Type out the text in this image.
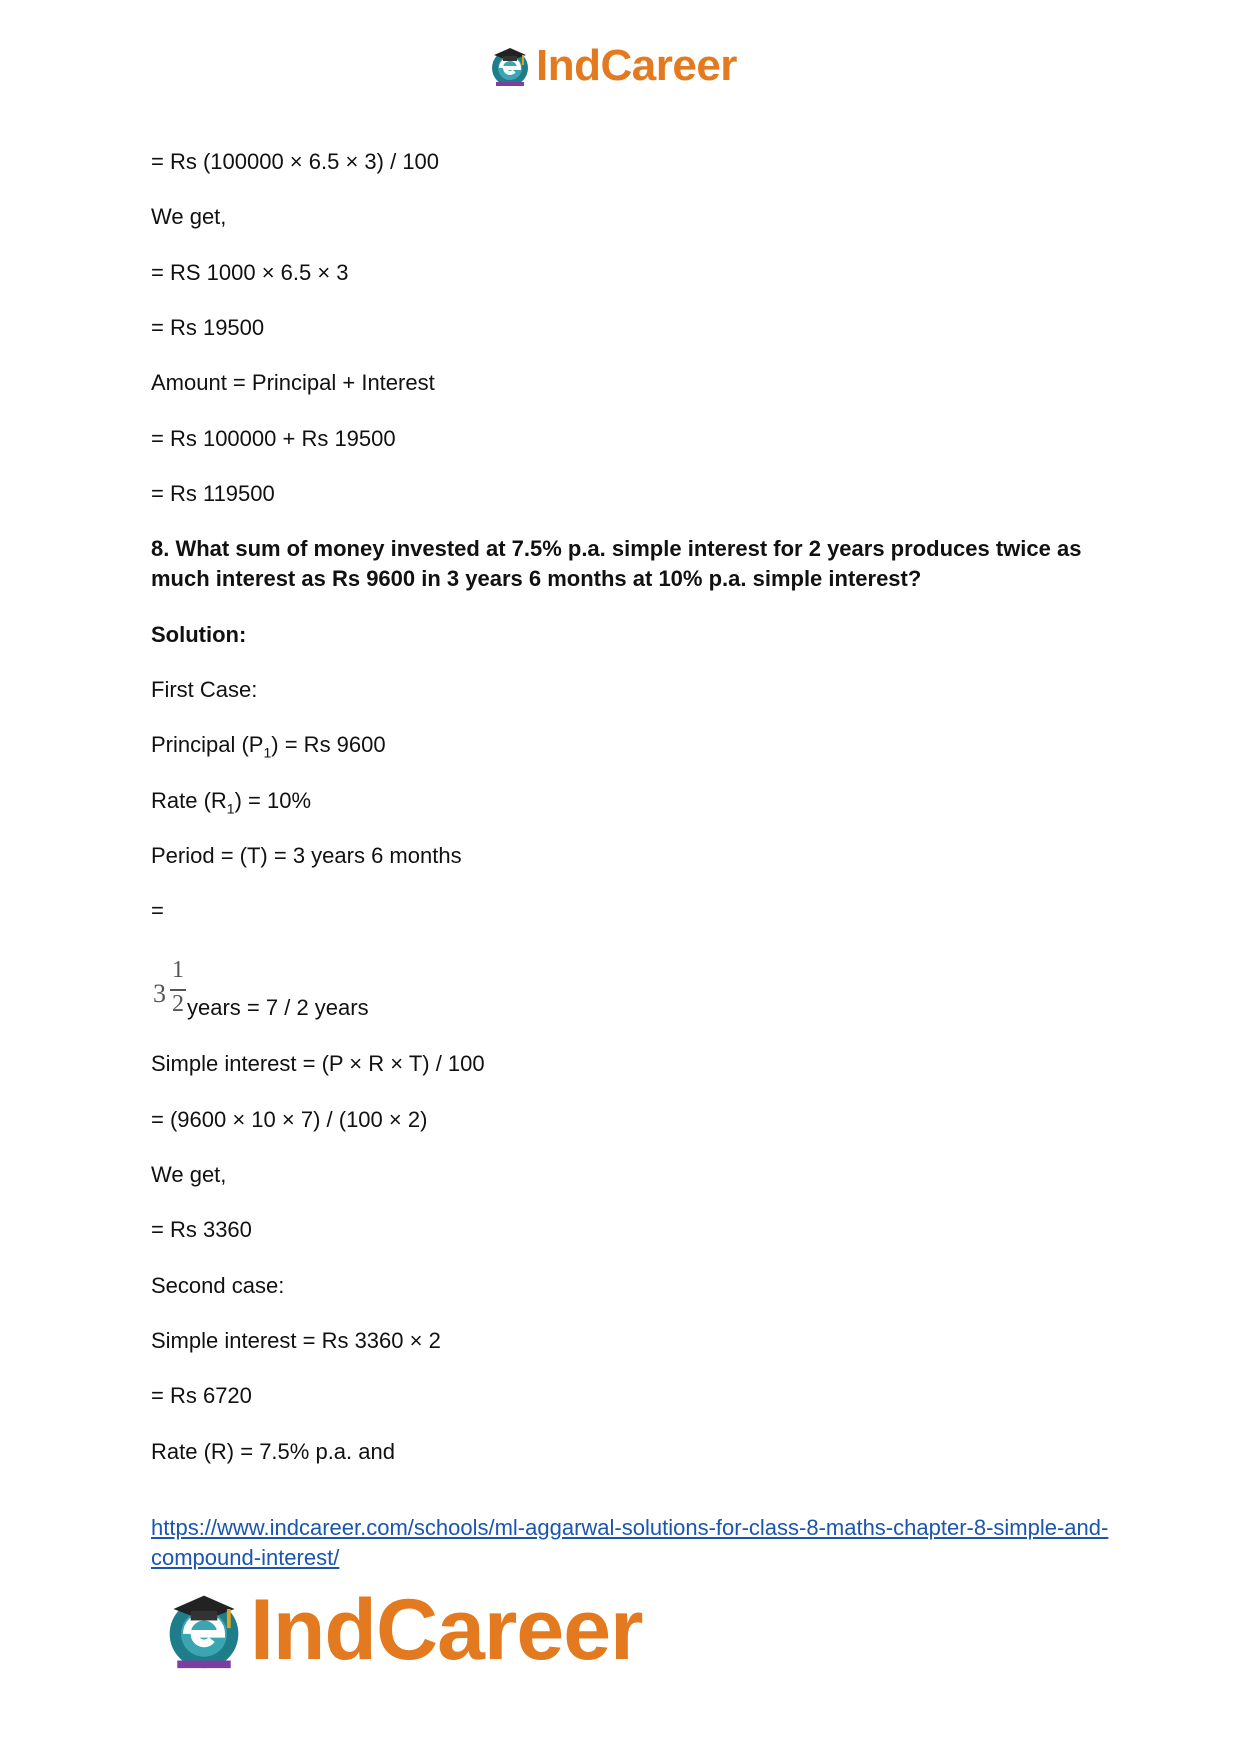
IndCareer
= Rs (100000 × 6.5 × 3) / 100
We get,
= RS 1000 × 6.5 × 3
= Rs 19500
Amount = Principal + Interest
= Rs 100000 + Rs 19500
= Rs 119500
8. What sum of money invested at 7.5% p.a. simple interest for 2 years produces twice as much interest as Rs 9600 in 3 years 6 months at 10% p.a. simple interest?
Solution:
First Case:
Principal $(P_1) = Rs$ 9600
Rate $(R_1) = 10\%$
Period = (T) = 3 years 6 months
=
3
1
2 years = 7 / 2 years
Simple interest = (P × R × T) / 100
= (9600 × 10 × 7) / (100 × 2)
We get,
= Rs 3360
Second case:
Simple interest = Rs 3360 × 2
= Rs 6720
Rate (R) = 7.5% p.a. and
https://www.indcareer.com/schools/ml-aggarwal-solutions-for-class-8-maths-chapter-8-simple-and-compound-interest/
IndCareer
